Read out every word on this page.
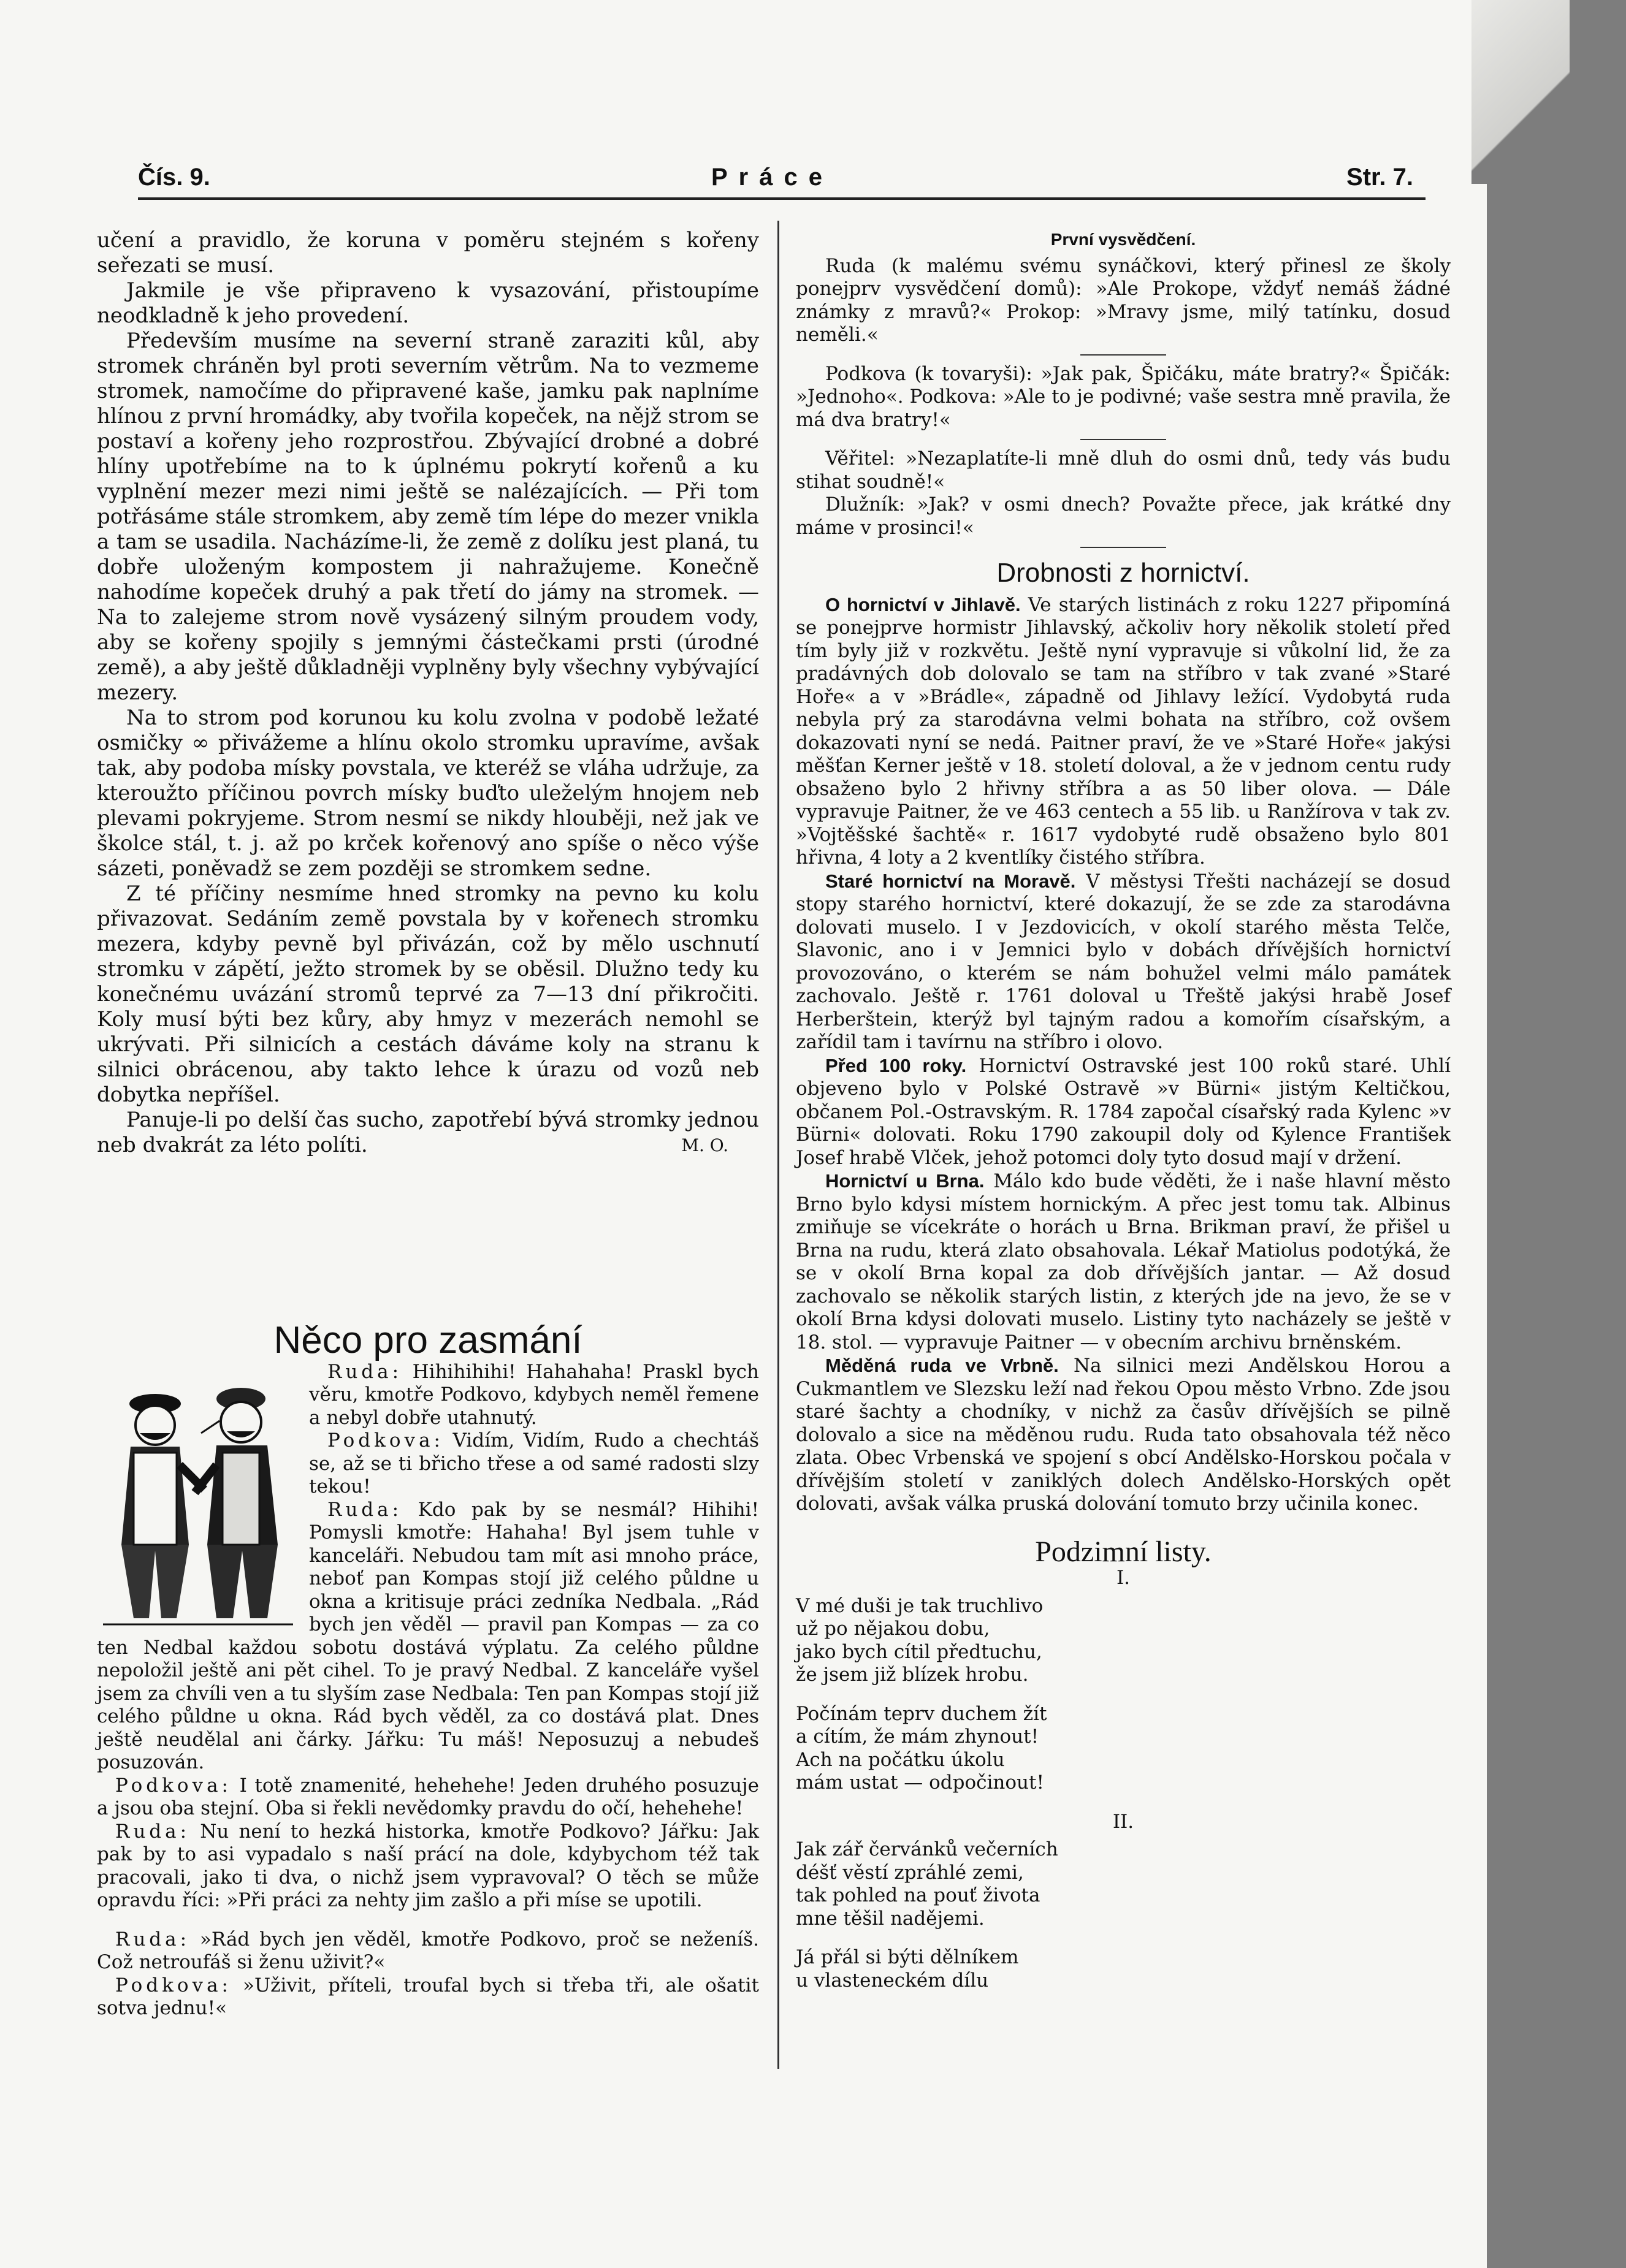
Čís. 9.	Práce	Str. 7.

učení a pravidlo, že koruna v poměru stejném s kořeny seřezati se musí.

Jakmile je vše připraveno k vysazování, přistoupíme neodkladně k jeho provedení.

Především musíme na severní straně zaraziti kůl, aby stromek chráněn byl proti severním větrům. Na to vezmeme stromek, namočíme do připravené kaše, jamku pak naplníme hlínou z první hromádky, aby tvořila kopeček, na nějž strom se postaví a kořeny jeho rozprostřou. Zbývající drobné a dobré hlíny upotřebíme na to k úplnému pokrytí kořenů a ku vyplnění mezer mezi nimi ještě se nalézajících. — Při tom potřásáme stále stromkem, aby země tím lépe do mezer vnikla a tam se usadila. Nacházíme-li, že země z dolíku jest planá, tu dobře uloženým kompostem ji nahražujeme. Konečně nahodíme kopeček druhý a pak třetí do jámy na stromek. — Na to zalejeme strom nově vysázený silným proudem vody, aby se kořeny spojily s jemnými částečkami prsti (úrodné země), a aby ještě důkladněji vyplněny byly všechny vybývající mezery.

Na to strom pod korunou ku kolu zvolna v podobě ležaté osmičky ∞ přivážeme a hlínu okolo stromku upravíme, avšak tak, aby podoba mísky povstala, ve kteréž se vláha udržuje, za kteroužto příčinou povrch mísky buďto uleželým hnojem neb plevami pokryjeme. Strom nesmí se nikdy hlouběji, než jak ve školce stál, t. j. až po krček kořenový ano spíše o něco výše sázeti, poněvadž se zem později se stromkem sedne.

Z té příčiny nesmíme hned stromky na pevno ku kolu přivazovat. Sedáním země povstala by v kořenech stromku mezera, kdyby pevně byl přivázán, což by mělo uschnutí stromku v zápětí, ježto stromek by se oběsil. Dlužno tedy ku konečnému uvázání stromů teprvé za 7—13 dní přikročiti. Koly musí býti bez kůry, aby hmyz v mezerách nemohl se ukrývati. Při silnicích a cestách dáváme koly na stranu k silnici obrácenou, aby takto lehce k úrazu od vozů neb dobytka nepříšel.

Panuje-li po delší čas sucho, zapotřebí bývá stromky jednou neb dvakrát za léto políti.	M. O.

Něco pro zasmání

Ruda: Hihihihihi! Hahahaha! Praskl bych věru, kmotře Podkovo, kdybych neměl řemene a nebyl dobře utahnutý.

Podkova: Vidím, Vidím, Rudo a chechtáš se, až se ti břicho třese a od samé radosti slzy tekou!

Ruda: Kdo pak by se nesmál? Hihihi! Pomysli kmotře: Hahaha! Byl jsem tuhle v kanceláři. Nebudou tam mít asi mnoho práce, neboť pan Kompas stojí již celého půldne u okna a kritisuje práci zedníka Nedbala. „Rád bych jen věděl — pravil pan Kompas — za co ten Nedbal každou sobotu dostává výplatu. Za celého půldne nepoložil ještě ani pět cihel. To je pravý Nedbal. Z kanceláře vyšel jsem za chvíli ven a tu slyším zase Nedbala: Ten pan Kompas stojí již celého půldne u okna. Rád bych věděl, za co dostává plat. Dnes ještě neudělal ani čárky. Jářku: Tu máš! Neposuzuj a nebudeš posuzován.

Podkova: I totě znamenité, hehehehe! Jeden druhého posuzuje a jsou oba stejní. Oba si řekli nevědomky pravdu do očí, hehehehe!

Ruda: Nu není to hezká historka, kmotře Podkovo? Jářku: Jak pak by to asi vypadalo s naší prácí na dole, kdybychom též tak pracovali, jako ti dva, o nichž jsem vypravoval? O těch se může opravdu říci: »Při práci za nehty jim zašlo a při míse se upotili.

Ruda: »Rád bych jen věděl, kmotře Podkovo, proč se neženíš. Což netroufáš si ženu uživit?«

Podkova: »Uživit, příteli, troufal bych si třeba tři, ale ošatit sotva jednu!«

První vysvědčení.

Ruda (k malému svému synáčkovi, který přinesl ze školy ponejprv vysvědčení domů): »Ale Prokope, vždyť nemáš žádné známky z mravů?« Prokop: »Mravy jsme, milý tatínku, dosud neměli.«

Podkova (k tovaryši): »Jak pak, Špičáku, máte bratry?« Špičák: »Jednoho«. Podkova: »Ale to je podivné; vaše sestra mně pravila, že má dva bratry!«

Věřitel: »Nezaplatíte-li mně dluh do osmi dnů, tedy vás budu stihat soudně!«

Dlužník: »Jak? v osmi dnech? Považte přece, jak krátké dny máme v prosinci!«

Drobnosti z hornictví.

O hornictví v Jihlavě. Ve starých listinách z roku 1227 připomíná se ponejprve hormistr Jihlavský, ačkoliv hory několik století před tím byly již v rozkvětu. Ještě nyní vypravuje si vůkolní lid, že za pradávných dob dolovalo se tam na stříbro v tak zvané »Staré Hoře« a v »Brádle«, západně od Jihlavy ležící. Vydobytá ruda nebyla prý za starodávna velmi bohata na stříbro, což ovšem dokazovati nyní se nedá. Paitner praví, že ve »Staré Hoře« jakýsi měšťan Kerner ještě v 18. století doloval, a že v jednom centu rudy obsaženo bylo 2 hřivny stříbra a as 50 liber olova. — Dále vypravuje Paitner, že ve 463 centech a 55 lib. u Ranžírova v tak zv. »Vojtěšské šachtě« r. 1617 vydobyté rudě obsaženo bylo 801 hřivna, 4 loty a 2 kventlíky čistého stříbra.

Staré hornictví na Moravě. V městysi Třešti nacházejí se dosud stopy starého hornictví, které dokazují, že se zde za starodávna dolovati muselo. I v Jezdovicích, v okolí starého města Telče, Slavonic, ano i v Jemnici bylo v dobách dřívějších hornictví provozováno, o kterém se nám bohužel velmi málo památek zachovalo. Ještě r. 1761 doloval u Třeště jakýsi hrabě Josef Herberštein, kterýž byl tajným radou a komořím císařským, a zařídil tam i tavírnu na stříbro i olovo.

Před 100 roky. Hornictví Ostravské jest 100 roků staré. Uhlí objeveno bylo v Polské Ostravě »v Bürni« jistým Keltičkou, občanem Pol.-Ostravským. R. 1784 započal císařský rada Kylenc »v Bürni« dolovati. Roku 1790 zakoupil doly od Kylence František Josef hrabě Vlček, jehož potomci doly tyto dosud mají v držení.

Hornictví u Brna. Málo kdo bude věděti, že i naše hlavní město Brno bylo kdysi místem hornickým. A přec jest tomu tak. Albinus zmiňuje se vícekráte o horách u Brna. Brikman praví, že přišel u Brna na rudu, která zlato obsahovala. Lékař Matiolus podotýká, že se v okolí Brna kopal za dob dřívějších jantar. — Až dosud zachovalo se několik starých listin, z kterých jde na jevo, že se v okolí Brna kdysi dolovati muselo. Listiny tyto nacházely se ještě v 18. stol. — vypravuje Paitner — v obecním archivu brněnském.

Měděná ruda ve Vrbně. Na silnici mezi Andělskou Horou a Cukmantlem ve Slezsku leží nad řekou Opou město Vrbno. Zde jsou staré šachty a chodníky, v nichž za časův dřívějších se pilně dolovalo a sice na měděnou rudu. Ruda tato obsahovala též něco zlata. Obec Vrbenská ve spojení s obcí Andělsko-Horskou počala v dřívějším století v zaniklých dolech Andělsko-Horských opět dolovati, avšak válka pruská dolování tomuto brzy učinila konec.

Podzimní listy.
I.

V mé duši je tak truchlivo

už po nějakou dobu,

jako bych cítil předtuchu,

že jsem již blízek hrobu.

Počínám teprv duchem žít

a cítím, že mám zhynout!

Ach na počátku úkolu

mám ustat — odpočinout!

II.

Jak zář červánků večerních

déšť věstí zpráhlé zemi,

tak pohled na pouť života

mne těšil nadějemi.

Já přál si býti dělníkem

u vlasteneckém dílu
